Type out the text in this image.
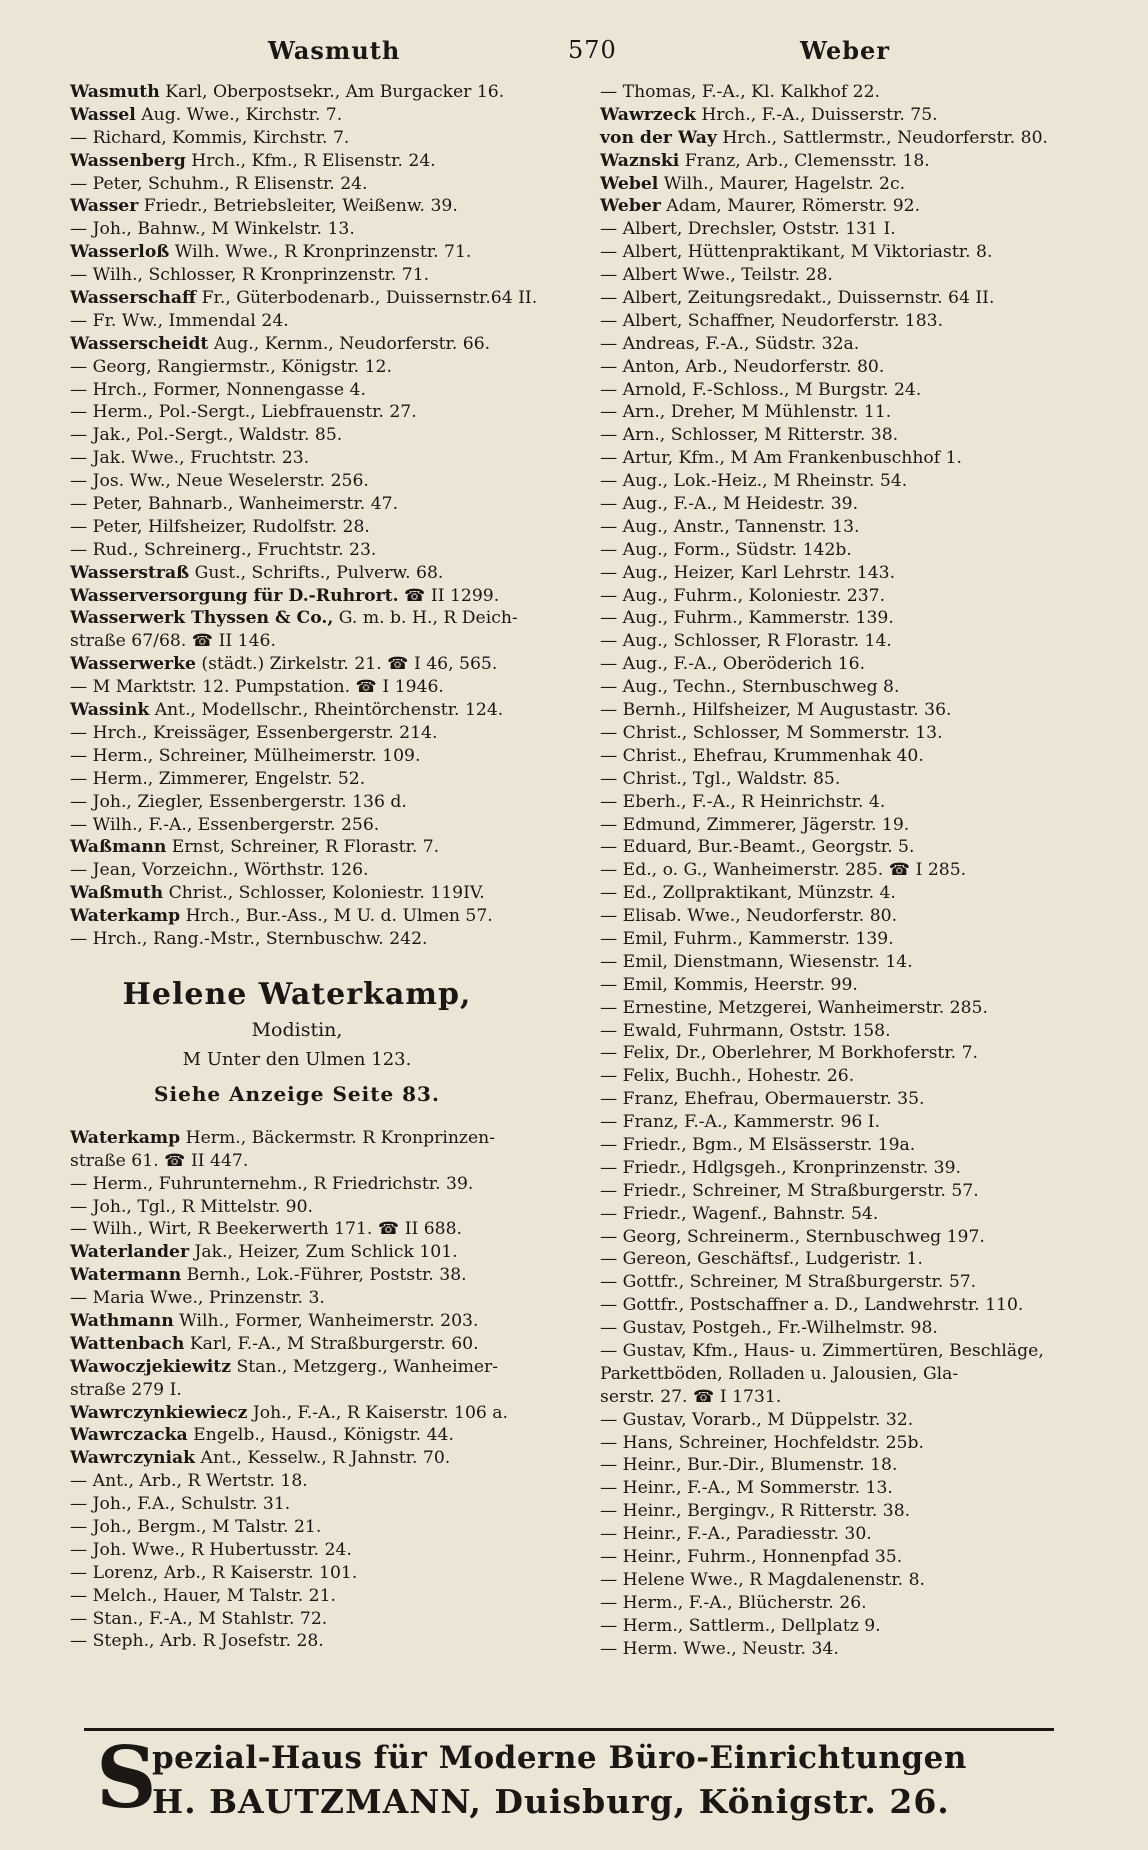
Wasmuth	570	Weber
Wasmuth Karl, Oberpostsekr., Am Burgacker 16.
Wassel Aug. Wwe., Kirchstr. 7.
— Richard, Kommis, Kirchstr. 7.
Wassenberg Hrch., Kfm., R Elisenstr. 24.
— Peter, Schuhm., R Elisenstr. 24.
Wasser Friedr., Betriebsleiter, Weißenw. 39.
— Joh., Bahnw., M Winkelstr. 13.
Wasserloß Wilh. Wwe., R Kronprinzenstr. 71.
— Wilh., Schlosser, R Kronprinzenstr. 71.
Wasserschaff Fr., Güterbodenarb., Duissernstr.64 II.
— Fr. Ww., Immendal 24.
Wasserscheidt Aug., Kernm., Neudorferstr. 66.
— Georg, Rangiermstr., Königstr. 12.
— Hrch., Former, Nonnengasse 4.
— Herm., Pol.-Sergt., Liebfrauenstr. 27.
— Jak., Pol.-Sergt., Waldstr. 85.
— Jak. Wwe., Fruchtstr. 23.
— Jos. Ww., Neue Weselerstr. 256.
— Peter, Bahnarb., Wanheimerstr. 47.
— Peter, Hilfsheizer, Rudolfstr. 28.
— Rud., Schreinerg., Fruchtstr. 23.
Wasserstraß Gust., Schrifts., Pulverw. 68.
Wasserversorgung für D.-Ruhrort. ☎ II 1299.
Wasserwerk Thyssen & Co., G. m. b. H., R Deich-
straße 67/68. ☎ II 146.
Wasserwerke (städt.) Zirkelstr. 21. ☎ I 46, 565.
— M Marktstr. 12. Pumpstation. ☎ I 1946.
Wassink Ant., Modellschr., Rheintörchenstr. 124.
— Hrch., Kreissäger, Essenbergerstr. 214.
— Herm., Schreiner, Mülheimerstr. 109.
— Herm., Zimmerer, Engelstr. 52.
— Joh., Ziegler, Essenbergerstr. 136 d.
— Wilh., F.-A., Essenbergerstr. 256.
Waßmann Ernst, Schreiner, R Florastr. 7.
— Jean, Vorzeichn., Wörthstr. 126.
Waßmuth Christ., Schlosser, Koloniestr. 119IV.
Waterkamp Hrch., Bur.-Ass., M U. d. Ulmen 57.
— Hrch., Rang.-Mstr., Sternbuschw. 242.
Helene Waterkamp,
Modistin,
M Unter den Ulmen 123.
Siehe Anzeige Seite 83.
Waterkamp Herm., Bäckermstr. R Kronprinzen-
straße 61. ☎ II 447.
— Herm., Fuhrunternehm., R Friedrichstr. 39.
— Joh., Tgl., R Mittelstr. 90.
— Wilh., Wirt, R Beekerwerth 171. ☎ II 688.
Waterlander Jak., Heizer, Zum Schlick 101.
Watermann Bernh., Lok.-Führer, Poststr. 38.
— Maria Wwe., Prinzenstr. 3.
Wathmann Wilh., Former, Wanheimerstr. 203.
Wattenbach Karl, F.-A., M Straßburgerstr. 60.
Wawoczjekiewitz Stan., Metzgerg., Wanheimer-
straße 279 I.
Wawrczynkiewiecz Joh., F.-A., R Kaiserstr. 106 a.
Wawrczacka Engelb., Hausd., Königstr. 44.
Wawrczyniak Ant., Kesselw., R Jahnstr. 70.
— Ant., Arb., R Wertstr. 18.
— Joh., F.A., Schulstr. 31.
— Joh., Bergm., M Talstr. 21.
— Joh. Wwe., R Hubertusstr. 24.
— Lorenz, Arb., R Kaiserstr. 101.
— Melch., Hauer, M Talstr. 21.
— Stan., F.-A., M Stahlstr. 72.
— Steph., Arb. R Josefstr. 28.
— Thomas, F.-A., Kl. Kalkhof 22.
Wawrzeck Hrch., F.-A., Duisserstr. 75.
von der Way Hrch., Sattlermstr., Neudorferstr. 80.
Waznski Franz, Arb., Clemensstr. 18.
Webel Wilh., Maurer, Hagelstr. 2c.
Weber Adam, Maurer, Römerstr. 92.
— Albert, Drechsler, Oststr. 131 I.
— Albert, Hüttenpraktikant, M Viktoriastr. 8.
— Albert Wwe., Teilstr. 28.
— Albert, Zeitungsredakt., Duissernstr. 64 II.
— Albert, Schaffner, Neudorferstr. 183.
— Andreas, F.-A., Südstr. 32a.
— Anton, Arb., Neudorferstr. 80.
— Arnold, F.-Schloss., M Burgstr. 24.
— Arn., Dreher, M Mühlenstr. 11.
— Arn., Schlosser, M Ritterstr. 38.
— Artur, Kfm., M Am Frankenbuschhof 1.
— Aug., Lok.-Heiz., M Rheinstr. 54.
— Aug., F.-A., M Heidestr. 39.
— Aug., Anstr., Tannenstr. 13.
— Aug., Form., Südstr. 142b.
— Aug., Heizer, Karl Lehrstr. 143.
— Aug., Fuhrm., Koloniestr. 237.
— Aug., Fuhrm., Kammerstr. 139.
— Aug., Schlosser, R Florastr. 14.
— Aug., F.-A., Oberöderich 16.
— Aug., Techn., Sternbuschweg 8.
— Bernh., Hilfsheizer, M Augustastr. 36.
— Christ., Schlosser, M Sommerstr. 13.
— Christ., Ehefrau, Krummenhak 40.
— Christ., Tgl., Waldstr. 85.
— Eberh., F.-A., R Heinrichstr. 4.
— Edmund, Zimmerer, Jägerstr. 19.
— Eduard, Bur.-Beamt., Georgstr. 5.
— Ed., o. G., Wanheimerstr. 285. ☎ I 285.
— Ed., Zollpraktikant, Münzstr. 4.
— Elisab. Wwe., Neudorferstr. 80.
— Emil, Fuhrm., Kammerstr. 139.
— Emil, Dienstmann, Wiesenstr. 14.
— Emil, Kommis, Heerstr. 99.
— Ernestine, Metzgerei, Wanheimerstr. 285.
— Ewald, Fuhrmann, Oststr. 158.
— Felix, Dr., Oberlehrer, M Borkhoferstr. 7.
— Felix, Buchh., Hohestr. 26.
— Franz, Ehefrau, Obermauerstr. 35.
— Franz, F.-A., Kammerstr. 96 I.
— Friedr., Bgm., M Elsässerstr. 19a.
— Friedr., Hdlgsgeh., Kronprinzenstr. 39.
— Friedr., Schreiner, M Straßburgerstr. 57.
— Friedr., Wagenf., Bahnstr. 54.
— Georg, Schreinerm., Sternbuschweg 197.
— Gereon, Geschäftsf., Ludgeristr. 1.
— Gottfr., Schreiner, M Straßburgerstr. 57.
— Gottfr., Postschaffner a. D., Landwehrstr. 110.
— Gustav, Postgeh., Fr.-Wilhelmstr. 98.
— Gustav, Kfm., Haus- u. Zimmertüren, Beschläge,
Parkettböden, Rolladen u. Jalousien, Gla-
serstr. 27. ☎ I 1731.
— Gustav, Vorarb., M Düppelstr. 32.
— Hans, Schreiner, Hochfeldstr. 25b.
— Heinr., Bur.-Dir., Blumenstr. 18.
— Heinr., F.-A., M Sommerstr. 13.
— Heinr., Bergingv., R Ritterstr. 38.
— Heinr., F.-A., Paradiesstr. 30.
— Heinr., Fuhrm., Honnenpfad 35.
— Helene Wwe., R Magdalenenstr. 8.
— Herm., F.-A., Blücherstr. 26.
— Herm., Sattlerm., Dellplatz 9.
— Herm. Wwe., Neustr. 34.
S
pezial-Haus für Moderne Büro-Einrichtungen
H. BAUTZMANN, Duisburg, Königstr. 26.
